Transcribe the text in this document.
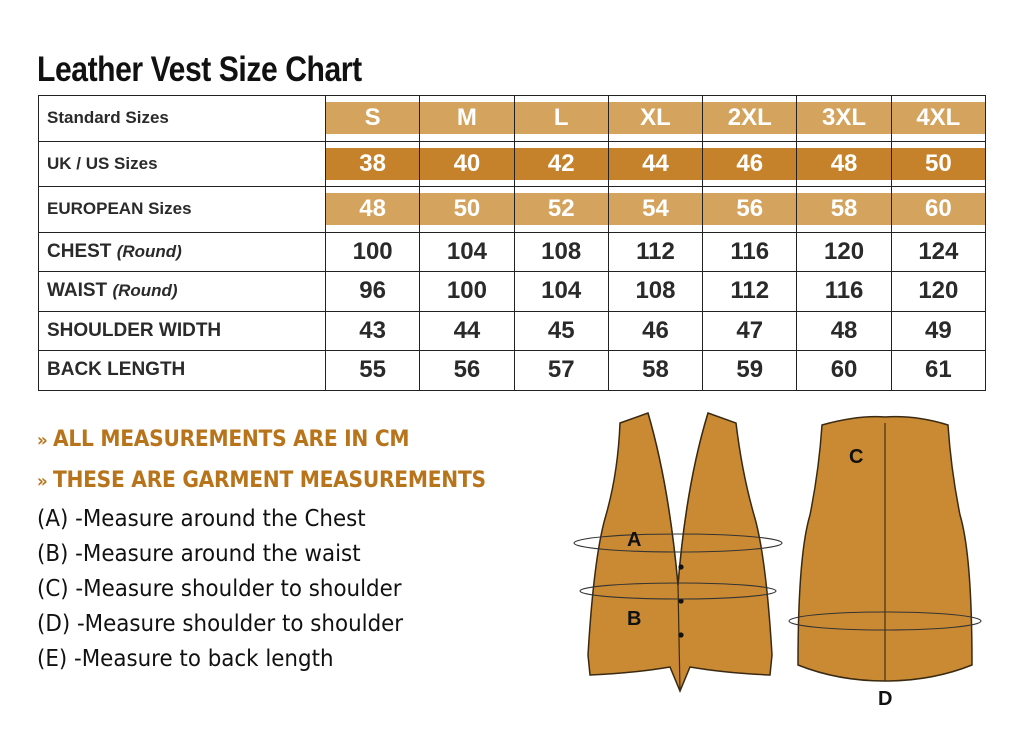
Leather Vest Size Chart
Standard Sizes	S	M	L	XL	2XL	3XL	4XL

UK / US Sizes	38	40	42	44	46	48	50

EUROPEAN Sizes	48	50	52	54	56	58	60

CHEST (Round)	100	104	108	112	116	120	124
WAIST (Round)	96	100	104	108	112	116	120
SHOULDER WIDTH	43	44	45	46	47	48	49
BACK LENGTH	55	56	57	58	59	60	61
» ALL MEASUREMENTS ARE IN CM
» THESE ARE GARMENT MEASUREMENTS
(A) -Measure around the Chest
(B) -Measure around the waist
(C) -Measure shoulder to shoulder
(D) -Measure shoulder to shoulder
(E) -Measure to back length
A
B
C
D
